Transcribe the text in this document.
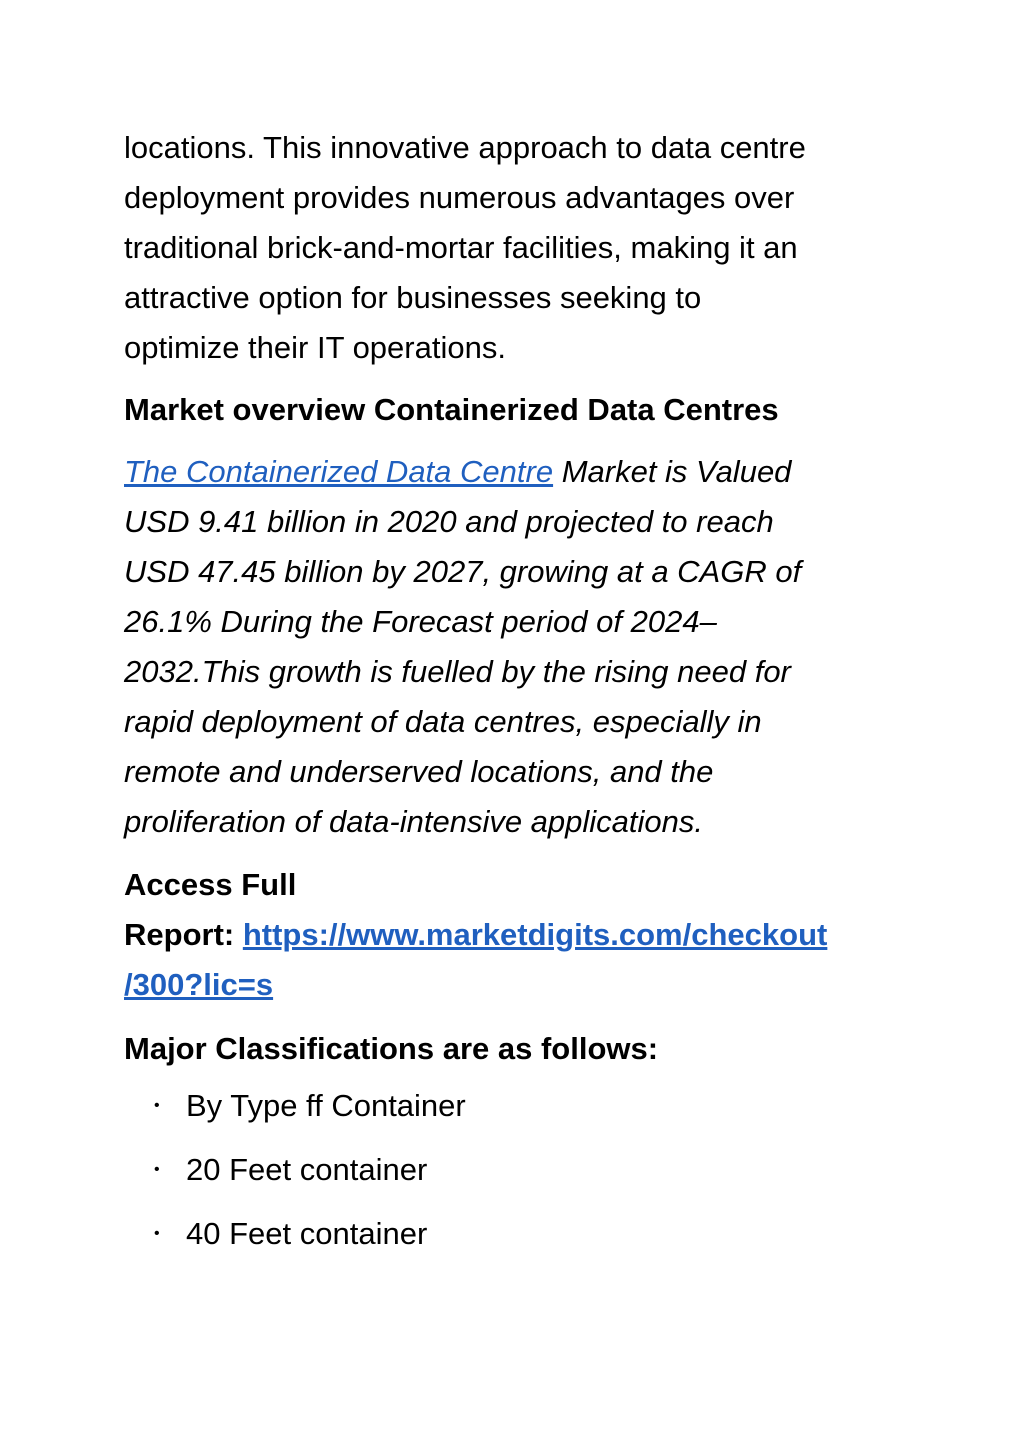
locations. This innovative approach to data centre
deployment provides numerous advantages over
traditional brick-and-mortar facilities, making it an
attractive option for businesses seeking to
optimize their IT operations.

Market overview Containerized Data Centres

The Containerized Data Centre Market is Valued
USD 9.41 billion in 2020 and projected to reach
USD 47.45 billion by 2027, growing at a CAGR of
26.1% During the Forecast period of 2024–
2032.This growth is fuelled by the rising need for
rapid deployment of data centres, especially in
remote and underserved locations, and the
proliferation of data-intensive applications.

Access Full
Report: https://www.marketdigits.com/checkout
/300?lic=s

Major Classifications are as follows:
• By Type ff Container
• 20 Feet container
• 40 Feet container
